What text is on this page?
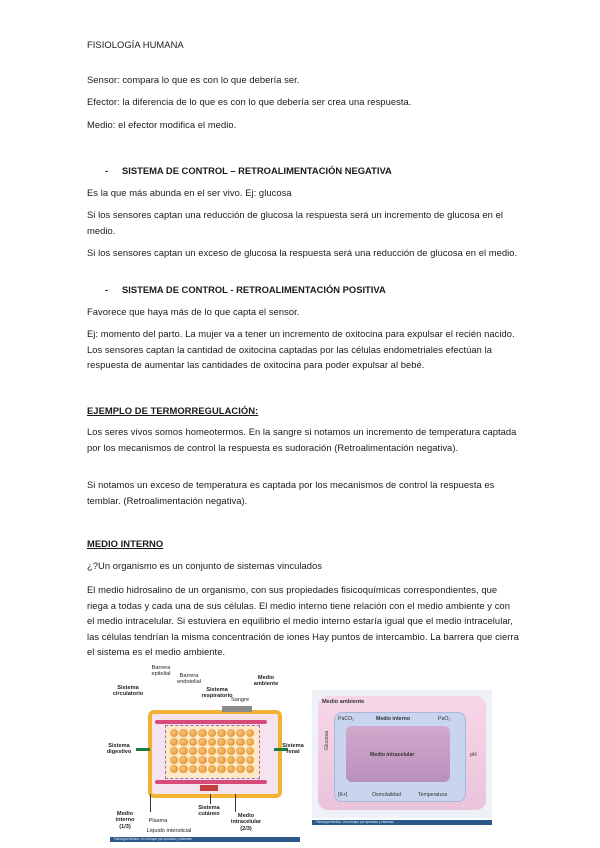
FISIOLOGÍA HUMANA
Sensor: compara lo que es con lo que debería ser.
Efector: la diferencia de lo que es con lo que debería ser crea una respuesta.
Medio: el efector modifica el medio.
- SISTEMA DE CONTROL – RETROALIMENTACIÓN NEGATIVA
Es la que más abunda en el ser vivo. Ej: glucosa
Si los sensores captan una reducción de glucosa la respuesta será un incremento de glucosa en el medio.
Si los sensores captan un exceso de glucosa la respuesta será una reducción de glucosa en el medio.
- SISTEMA DE CONTROL - RETROALIMENTACIÓN POSITIVA
Favorece que haya más de lo que capta el sensor.
Ej: momento del parto. La mujer va a tener un incremento de oxitocina para expulsar el recién nacido. Los sensores captan la cantidad de oxitocina captadas por las células endometriales efectúan la respuesta de aumentar las cantidades de oxitocina para poder expulsar al bebé.
EJEMPLO DE TERMORREGULACIÓN:
Los seres vivos somos homeotermos. En la sangre si notamos un incremento de temperatura captada por los mecanismos de control la respuesta es sudoración (Retroalimentación negativa).
Si notamos un exceso de temperatura es captada por los mecanismos de control la respuesta es temblar. (Retroalimentación negativa).
MEDIO INTERNO
¿?Un organismo es un conjunto de sistemas vinculados
El medio hidrosalino de un organismo, con sus propiedades fisicoquímicas correspondientes, que riega a todas y cada una de sus células. El medio interno tiene relación con el medio ambiente y con el medio intracelular. Si estuviera en equilibrio el medio interno estaría igual que el medio intracelular, las células tendrían la misma concentración de iones Hay puntos de intercambio. La barrera que cierra el sistema es el medio ambiente.
Barrera epitelial	Barrera endotelial
Sistema circulatorio
Sistema respiratorio
Medio ambiente
Sangre
Sistema digestivo
Sistema renal
Medio interno (1/3)
Plasma
Líquido intersticial
Sistema cutáneo	Medio intracelular (2/3)
Fisiología Médica. Un enfoque por aparatos y sistemas
Medio ambiente
PaCO₂	Medio interno	PaO₂
Medio intracelular
Glucosa
pH
[K+]	Osmolalidad	Temperatura
Fisiología Médica. Un enfoque por aparatos y sistemas
